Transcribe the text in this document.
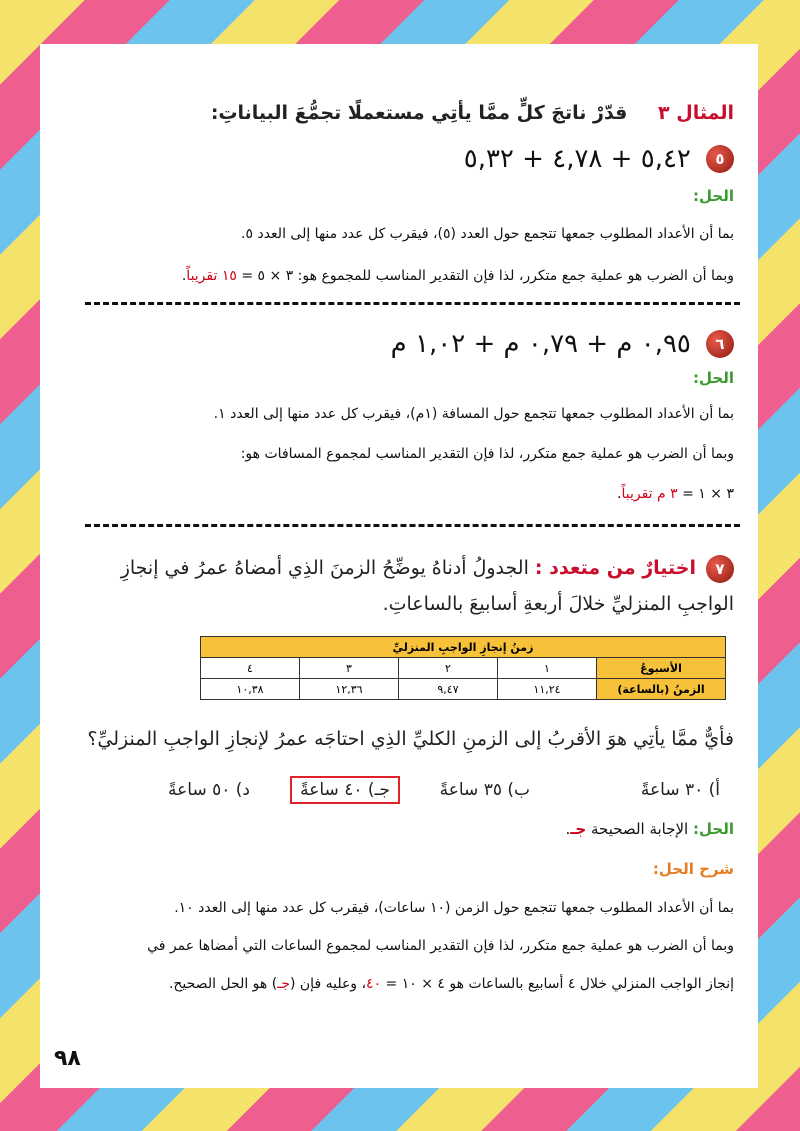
المثال ٣ قدّرْ ناتجَ كلٍّ ممَّا يأتِي مستعملًا تجمُّعَ البياناتِ:
٥ ٥,٤٢ + ٤,٧٨ + ٥,٣٢
الحل:
بما أن الأعداد المطلوب جمعها تتجمع حول العدد (٥)، فيقرب كل عدد منها إلى العدد ٥.
وبما أن الضرب هو عملية جمع متكرر، لذا فإن التقدير المناسب للمجموع هو: ٣ × ٥ = ١٥ تقريباً.
٦ ٠,٩٥ م + ٠,٧٩ م + ١,٠٢ م
الحل:
بما أن الأعداد المطلوب جمعها تتجمع حول المسافة (١م)، فيقرب كل عدد منها إلى العدد ١.
وبما أن الضرب هو عملية جمع متكرر، لذا فإن التقدير المناسب لمجموع المسافات هو:
٣ × ١ = ٣ م تقريباً.
٧اختيارٌ من متعدد : الجدولُ أدناهُ يوضِّحُ الزمنَ الذِي أمضاهُ عمرُ في إنجازِ الواجبِ المنزليِّ خلالَ أربعةِ أسابيعَ بالساعاتِ.
زمنُ إنجازِ الواجبِ المنزليِّ				
الأسبوعُ	١	٢	٣	٤
الزمنُ (بالساعة)	١١,٢٤	٩,٤٧	١٢,٣٦	١٠,٣٨
فأيٌّ ممَّا يأتِي هوَ الأقربُ إلى الزمنِ الكليِّ الذِي احتاجَه عمرُ لإنجازِ الواجبِ المنزليِّ؟
أ) ٣٠ ساعةً
ب) ٣٥ ساعةً
جـ) ٤٠ ساعةً
د) ٥٠ ساعةً
الحل: الإجابة الصحيحة جـ.
شرح الحل:
بما أن الأعداد المطلوب جمعها تتجمع حول الزمن (١٠ ساعات)، فيقرب كل عدد منها إلى العدد ١٠.
وبما أن الضرب هو عملية جمع متكرر، لذا فإن التقدير المناسب لمجموع الساعات التي أمضاها عمر في
إنجاز الواجب المنزلي خلال ٤ أسابيع بالساعات هو ٤ × ١٠ = ٤٠، وعليه فإن (جـ) هو الحل الصحيح.
٩٨
